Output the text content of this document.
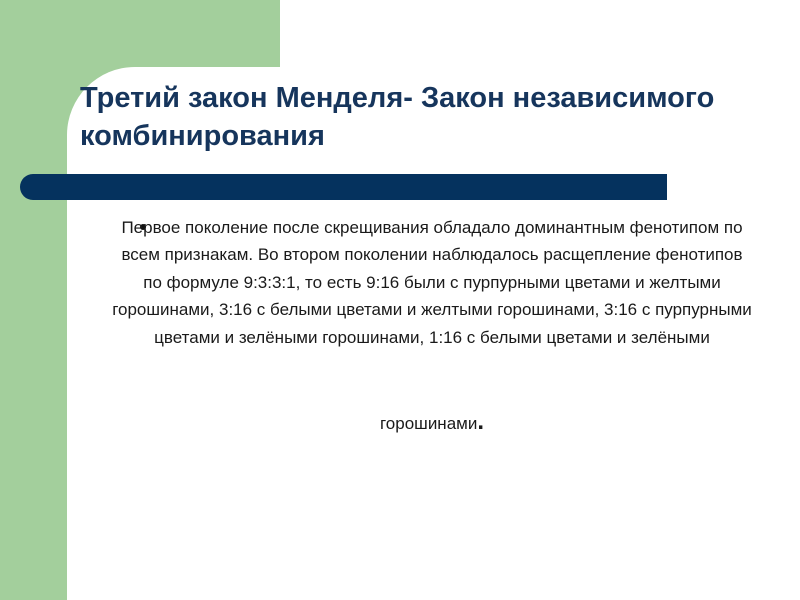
Третий закон Менделя- Закон независимого комбинирования

Первое поколение после скрещивания обладало доминантным фенотипом по всем признакам. Во втором поколении наблюдалось расщепление фенотипов по формуле 9:3:3:1, то есть 9:16 были с пурпурными цветами и желтыми горошинами, 3:16 с белыми цветами и желтыми горошинами, 3:16 с пурпурными цветами и зелёными горошинами, 1:16 с белыми цветами и зелёными

горошинами.
